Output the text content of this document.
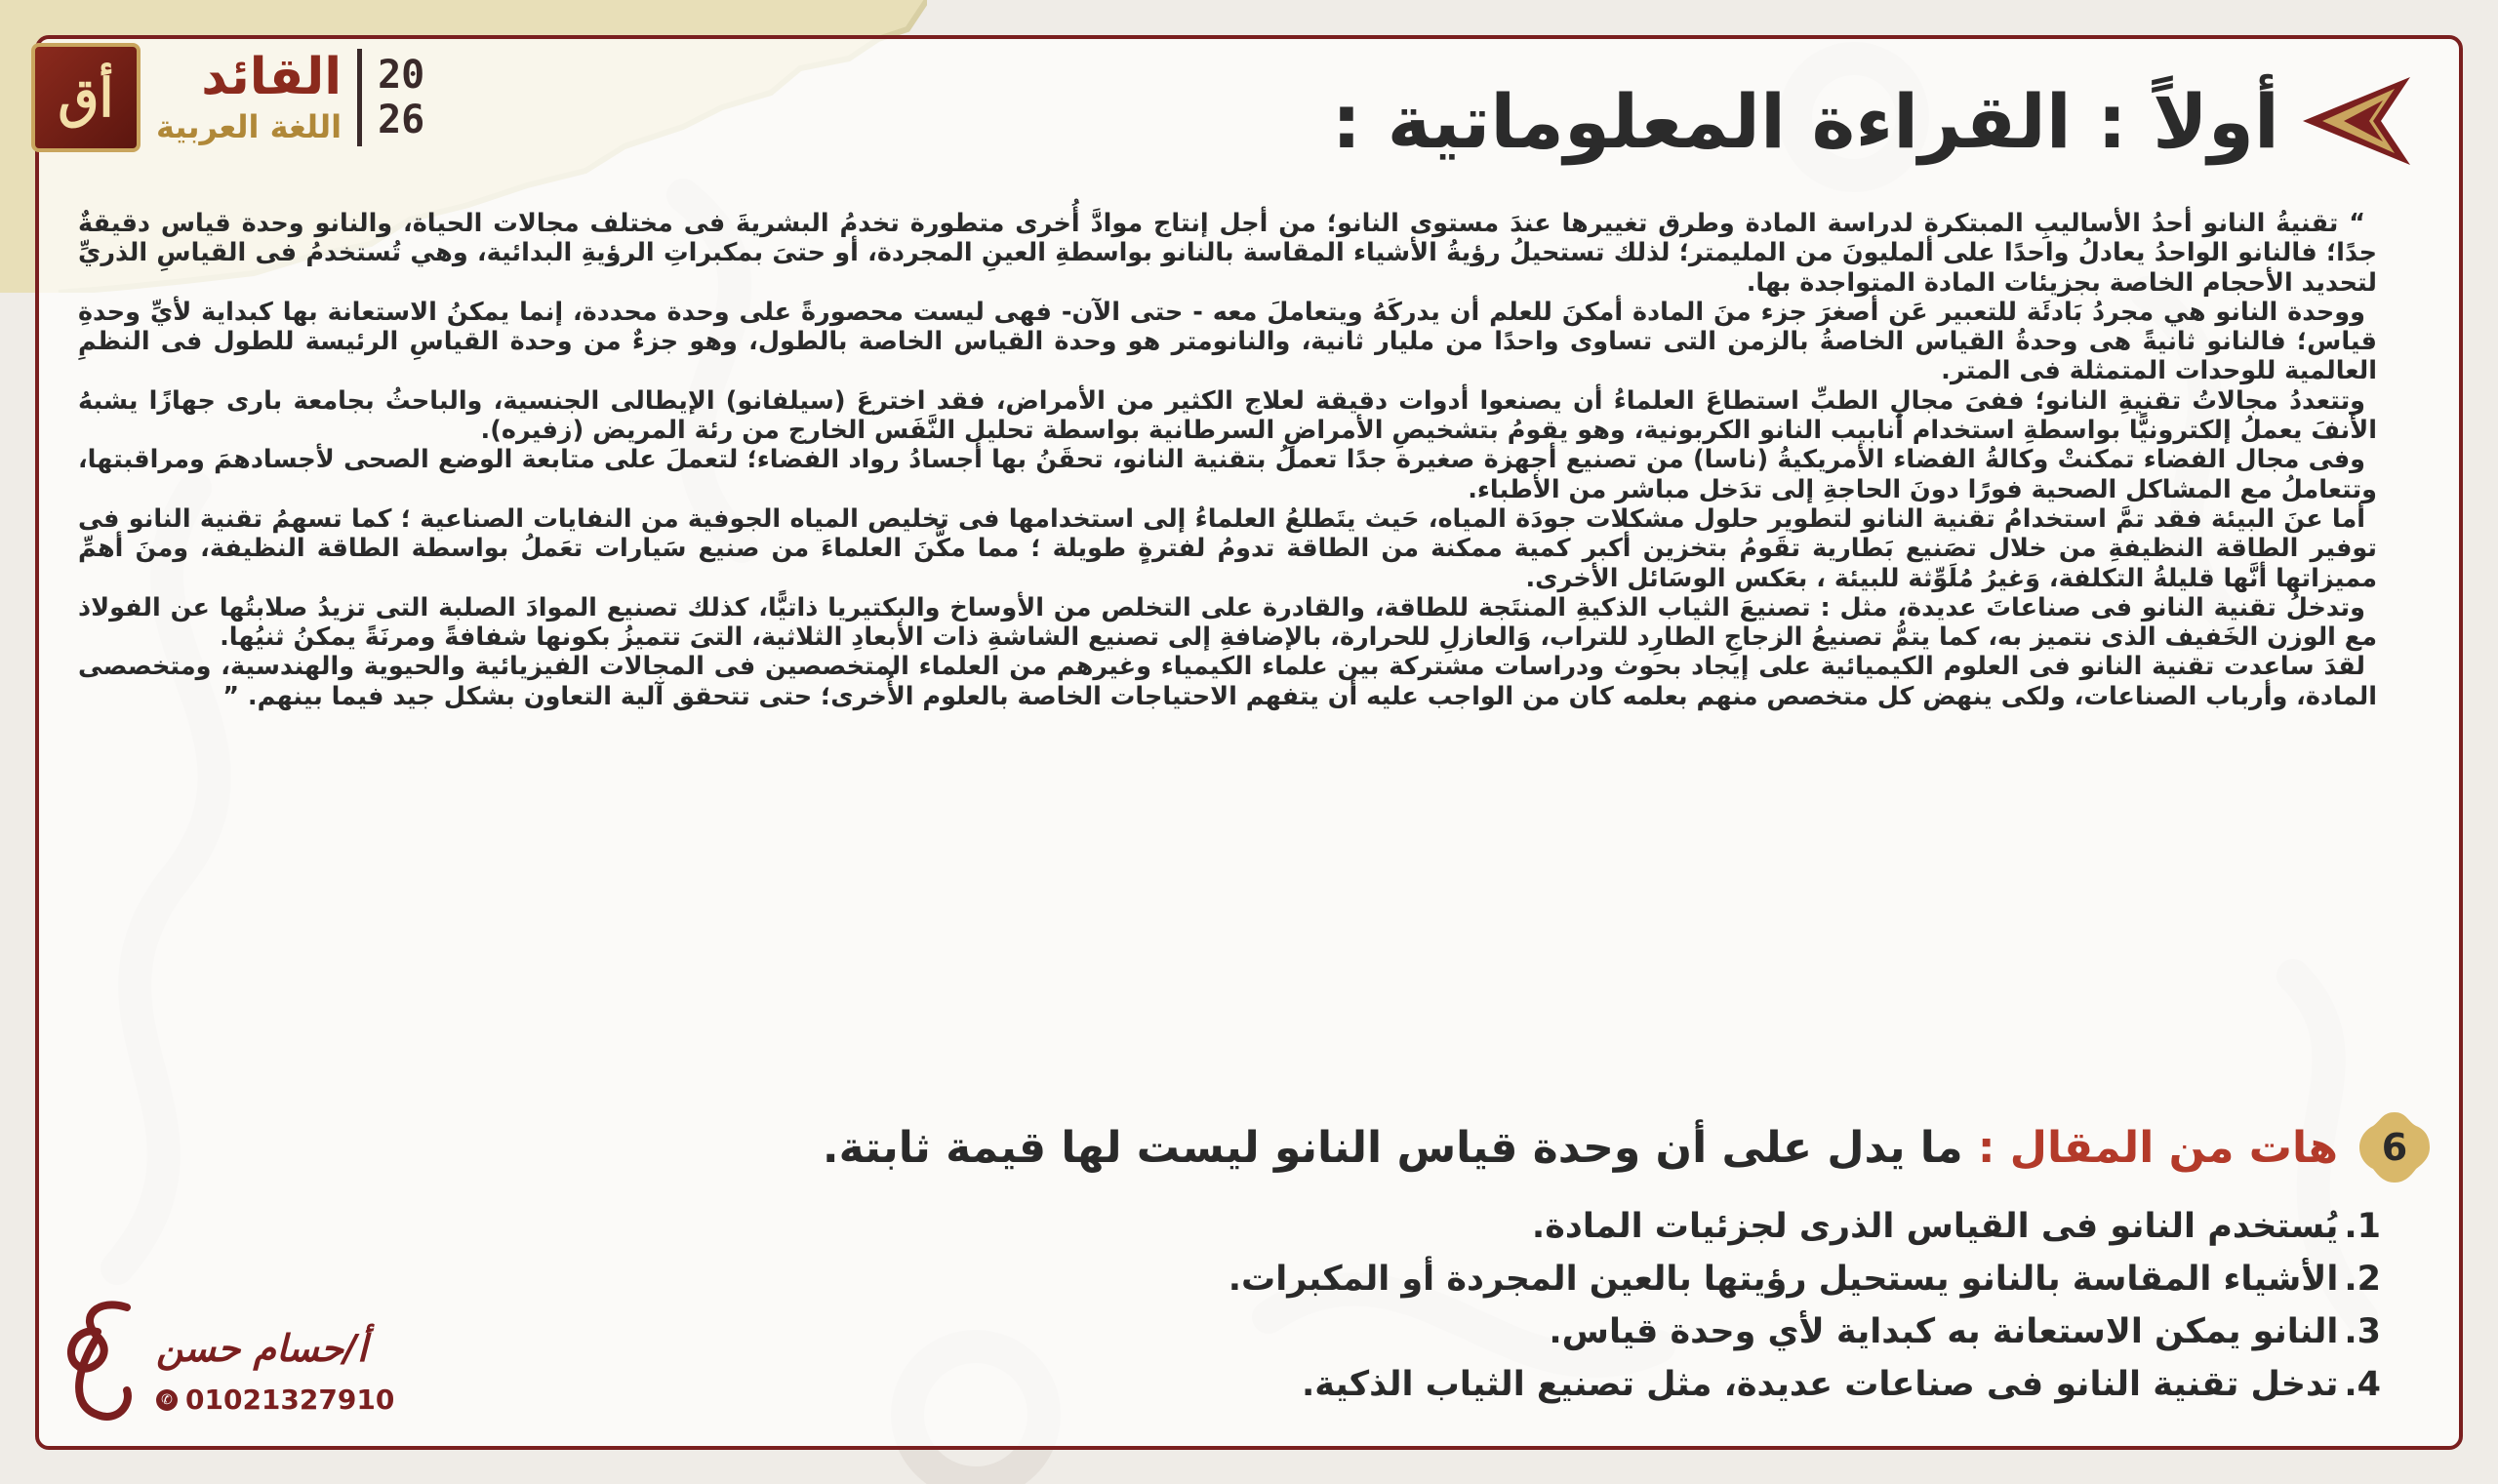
أق	القائد
اللغة العربية
20
26	أولاً : القراءة المعلوماتية :

“ تقنيةُ النانو أحدُ الأساليبِ المبتكرة لدراسة المادة وطرق تغييرها عندَ مستوى النانو؛ من أجل إنتاج موادَّ أُخرى متطورة تخدمُ البشريةَ فى مختلف مجالات الحياة، والنانو وحدة قياس دقيقةٌ جدًا؛ فالنانو الواحدُ يعادلُ واحدًا على ألمليونَ من المليمتر؛ لذلك تستحيلُ رؤيةُ الأشياء المقاسة بالنانو بواسطةِ العينِ المجردة، أو حتىَ بمكبراتِ الرؤيةِ البدائية، وهي تُستخدمُ فى القياسِ الذريِّ لتحديد الأحجام الخاصة بجزيئات المادة المتواجدة بها.

ووحدة النانو هي مجردُ بَادئَة للتعبير عَن أصغرَ جزء منَ المادة أمكنَ للعلم أن يدركَهُ ويتعاملَ معه - حتى الآن- فهى ليست محصورةً على وحدة محددة، إنما يمكنُ الاستعانة بها كبداية لأيِّ وحدةِ قياس؛ فالنانو ثانيةً هى وحدةُ القياس الخاصةُ بالزمن التى تساوى واحدًا من مليار ثانية، والنانومتر هو وحدة القياس الخاصة بالطول، وهو جزءٌ من وحدة القياسِ الرئيسة للطول فى النظمِ العالمية للوحدات المتمثلة فى المتر.

وتتعددُ مجالاتُ تقنيةِ النانو؛ ففىَ مجالِ الطبِّ استطاعَ العلماءُ أن يصنعوا أدوات دقيقة لعلاج الكثير من الأمراض، فقد اخترعَ (سيلفانو) الإيطالى الجنسية، والباحثُ بجامعة بارى جهازًا يشبهُ الأنفَ يعملُ إلكترونيًّا بواسطةِ استخدام أنابيب النانو الكربونية، وهو يقومُ بتشخيصِ الأمراضِ السرطانية بواسطة تحليل النَّفَس الخارج من رئة المريض (زفيره).

وفى مجال الفضاء تمكنتْ وكالةُ الفضاء الأمريكيةُ (ناسا) من تصنيع أجهزة صغيرة جدًا تعملُ بتقنية النانو، تحقَنُ بها أجسادُ رواد الفضاء؛ لتعملَ على متابعة الوضع الصحى لأجسادهمَ ومراقبتها، وتتعاملُ مع المشاكل الصحية فورًا دونَ الحاجةِ إلى تدَخل مباشر من الأطباء.

أما عنَ البيئة فقد تمَّ استخدامُ تقنية النانو لتطوير حلول مشكلات جودَة المياه، حَيث يتَطلعُ العلماءُ إلى استخدامها فى تخليص المياه الجوفية من النفايات الصناعية ؛ كما تسهمُ تقنية النانو فى توفير الطاقة النظيفةِ من خلال تصَنيع بَطارية تقَومُ بتخزين أكبر كمية ممكنة من الطاقة تدومُ لفترةٍ طويلة ؛ مما مكَّنَ العلماءَ من صنيع سَيارات تعَملُ بواسطة الطاقة النظيفة، ومنَ أهمِّ مميزاتها أنَّها قليلةُ التكلفة، وَغيرُ مُلَوِّثة للبيئة ، بعَكس الوسَائل الأخرى.

وتدخلُ تقنية النانو فى صناعاتَ عديدة، مثل : تصنيعَ الثياب الذكيةِ المنتَجة للطاقة، والقادرة على التخلص من الأوساخ والبكتيريا ذاتيًّا، كذلك تصنيع الموادَ الصلبة التى تزيدُ صلابتُها عن الفولاذ مع الوزن الخَفيف الذى نتميز به، كما يتمُّ تصنيعُ الزجاجِ الطارِد للتراب، وَالعازلِ للحرارة، بالإضافةِ إلى تصنيع الشاشةِ ذات الأبعادِ الثلاثية، التىَ تتميزُ بكونها شفافةً ومرنَةً يمكنُ ثنيُها.

لقدَ ساعدت تقنية النانو فى العلوم الكيميائية على إيجاد بحوث ودراسات مشتركة بين علماء الكيمياء وغيرهم من العلماء المتخصصين فى المجالات الفيزيائية والحيوية والهندسية، ومتخصصى المادة، وأرباب الصناعات، ولكى ينهض كل متخصص منهم بعلمه كان من الواجب عليه أن يتفهم الاحتياجات الخاصة بالعلوم الأُخرى؛ حتى تتحقق آلية التعاون بشكل جيد فيما بينهم. ”

6
هات من المقال : ما يدل على أن وحدة قياس النانو ليست لها قيمة ثابتة.
1.
يُستخدم النانو فى القياس الذرى لجزئيات المادة.
2.
الأشياء المقاسة بالنانو يستحيل رؤيتها بالعين المجردة أو المكبرات.
3.
النانو يمكن الاستعانة به كبداية لأي وحدة قياس.
4.
تدخل تقنية النانو فى صناعات عديدة، مثل تصنيع الثياب الذكية.
أ/حسام حسن
✆ 01021327910
